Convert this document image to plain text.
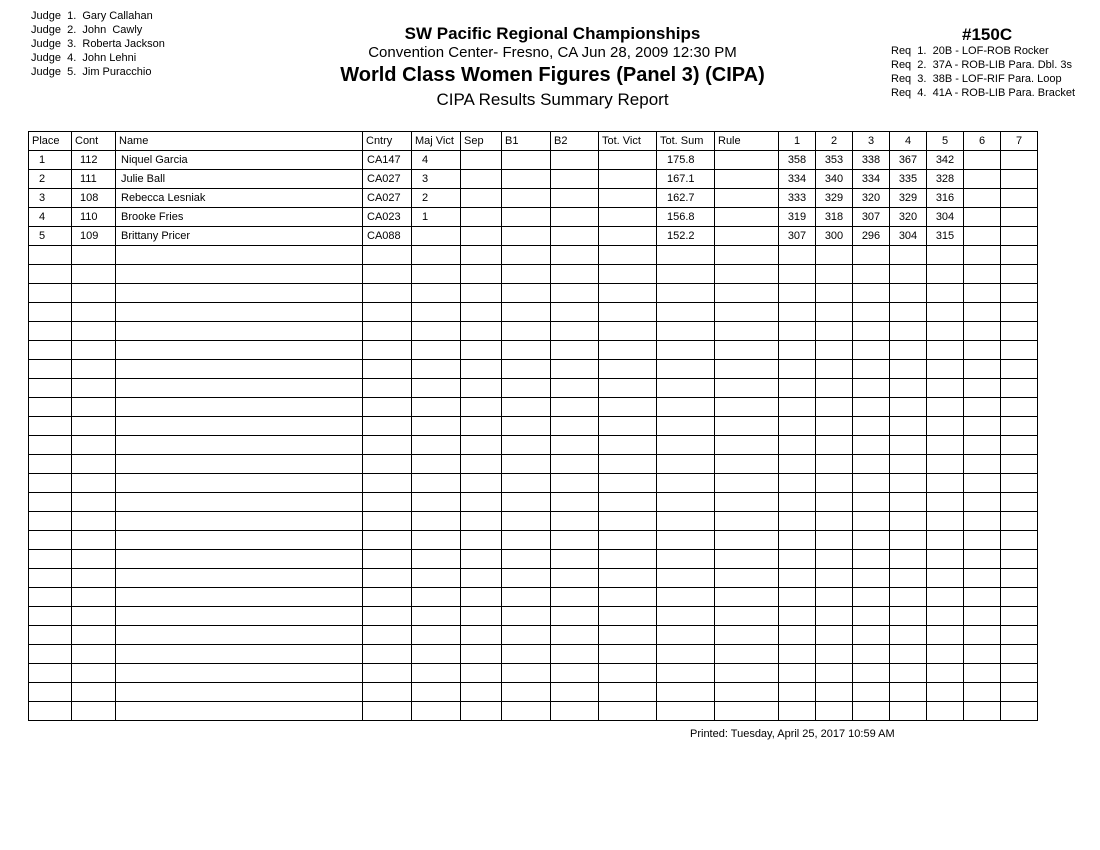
Judge  1.  Gary Callahan
Judge  2.  John  Cawly
Judge  3.  Roberta Jackson
Judge  4.  John Lehni
Judge  5.  Jim Puracchio
SW Pacific Regional Championships
Convention Center- Fresno, CA Jun 28, 2009 12:30 PM
World Class Women Figures (Panel 3) (CIPA)
CIPA Results Summary Report
#150C
Req  1.  20B - LOF-ROB Rocker
Req  2.  37A - ROB-LIB Para. Dbl. 3s
Req  3.  38B - LOF-RIF Para. Loop
Req  4.  41A - ROB-LIB Para. Bracket
Place	Cont	Name	Cntry	Maj Vict	Sep	B1	B2	Tot. Vict	Tot. Sum	Rule	1	2	3	4	5	6	7
1	112	Niquel Garcia	CA147	4					175.8		358	353	338	367	342		
2	111	Julie Ball	CA027	3					167.1		334	340	334	335	328		
3	108	Rebecca Lesniak	CA027	2					162.7		333	329	320	329	316		
4	110	Brooke Fries	CA023	1					156.8		319	318	307	320	304		
5	109	Brittany Pricer	CA088						152.2		307	300	296	304	315		

Printed: Tuesday, April 25, 2017 10:59 AM
